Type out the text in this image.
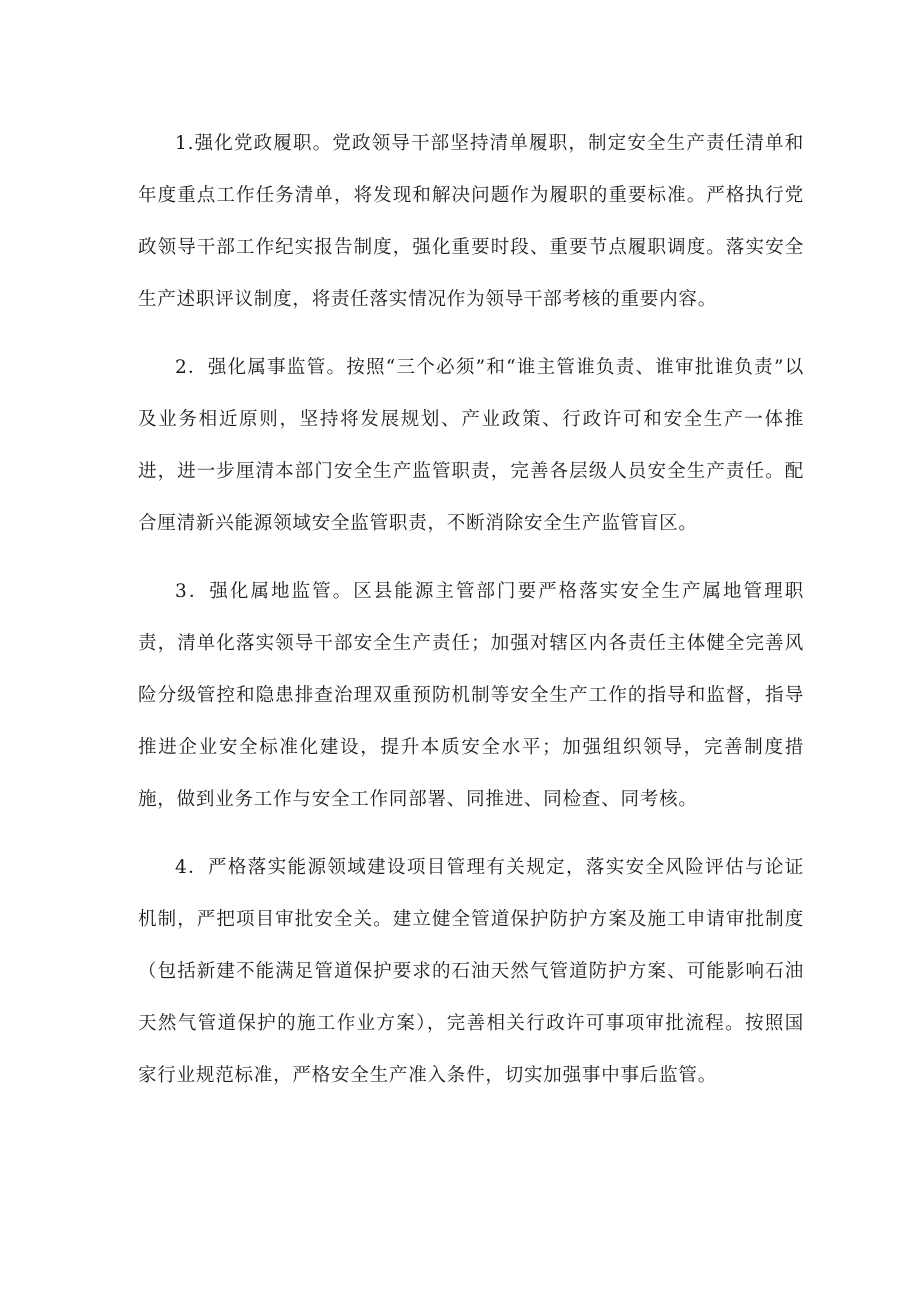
1.强化党政履职。党政领导干部坚持清单履职，制定安全生产责任清单和年度重点工作任务清单，将发现和解决问题作为履职的重要标准。严格执行党政领导干部工作纪实报告制度，强化重要时段、重要节点履职调度。落实安全生产述职评议制度，将责任落实情况作为领导干部考核的重要内容。

2．强化属事监管。按照“三个必须”和“谁主管谁负责、谁审批谁负责”以及业务相近原则，坚持将发展规划、产业政策、行政许可和安全生产一体推进，进一步厘清本部门安全生产监管职责，完善各层级人员安全生产责任。配合厘清新兴能源领域安全监管职责，不断消除安全生产监管盲区。

3．强化属地监管。区县能源主管部门要严格落实安全生产属地管理职责，清单化落实领导干部安全生产责任；加强对辖区内各责任主体健全完善风险分级管控和隐患排查治理双重预防机制等安全生产工作的指导和监督，指导推进企业安全标准化建设，提升本质安全水平；加强组织领导，完善制度措施，做到业务工作与安全工作同部署、同推进、同检查、同考核。

4．严格落实能源领域建设项目管理有关规定，落实安全风险评估与论证机制，严把项目审批安全关。建立健全管道保护防护方案及施工申请审批制度（包括新建不能满足管道保护要求的石油天然气管道防护方案、可能影响石油天然气管道保护的施工作业方案），完善相关行政许可事项审批流程。按照国家行业规范标准，严格安全生产准入条件，切实加强事中事后监管。
